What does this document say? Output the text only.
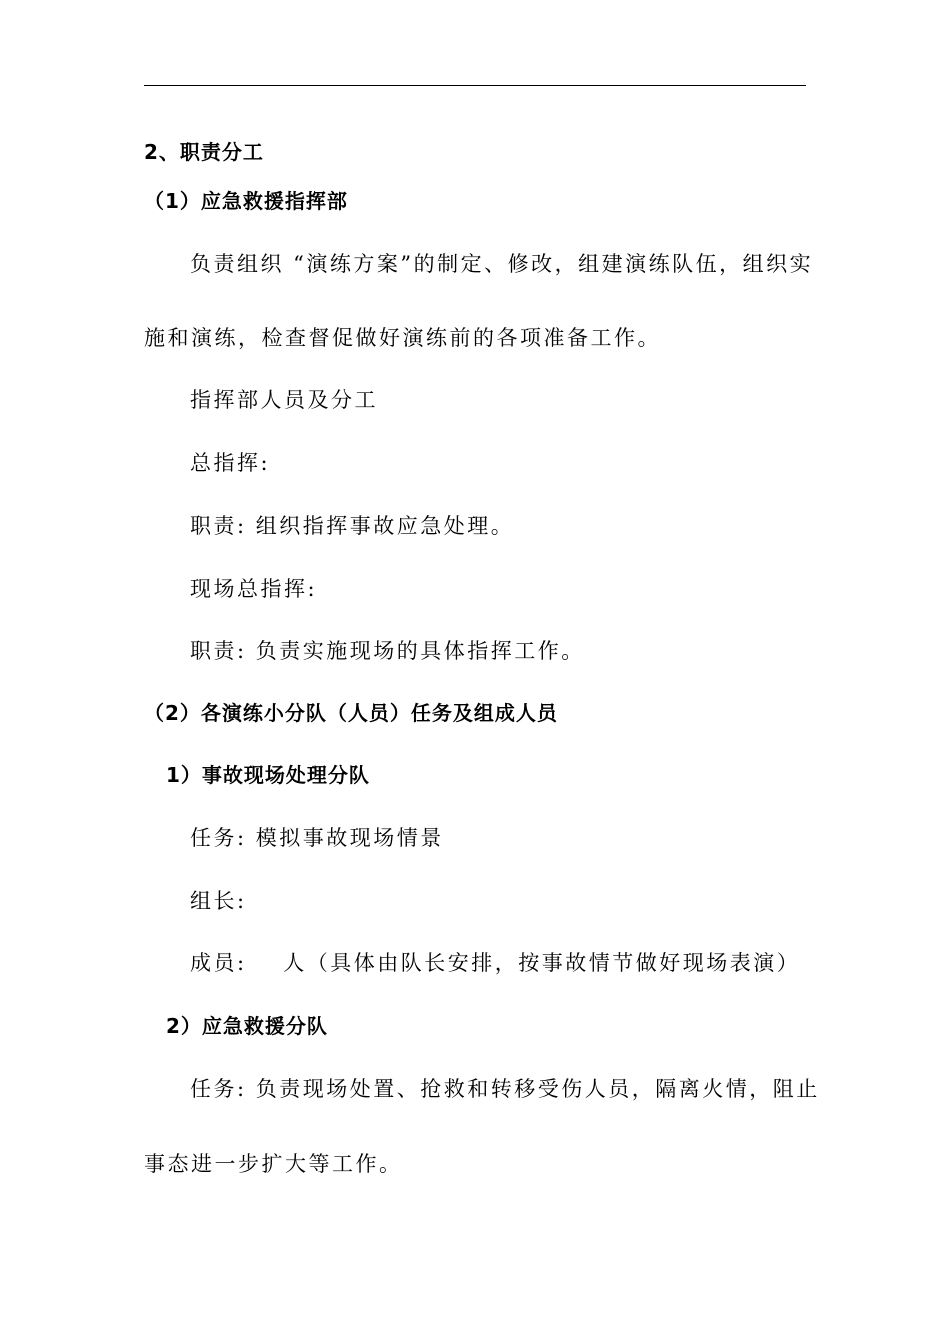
2、职责分工
（1）应急救援指挥部
负责组织 “演练方案”的制定、修改，组建演练队伍，组织实
施和演练，检查督促做好演练前的各项准备工作。
指挥部人员及分工
总指挥:
职责: 组织指挥事故应急处理。
现场总指挥:
职责: 负责实施现场的具体指挥工作。
（2）各演练小分队（人员）任务及组成人员
1）事故现场处理分队
任务: 模拟事故现场情景
组长:
成员:    人（具体由队长安排，按事故情节做好现场表演）
2）应急救援分队
任务: 负责现场处置、抢救和转移受伤人员，隔离火情，阻止
事态进一步扩大等工作。
